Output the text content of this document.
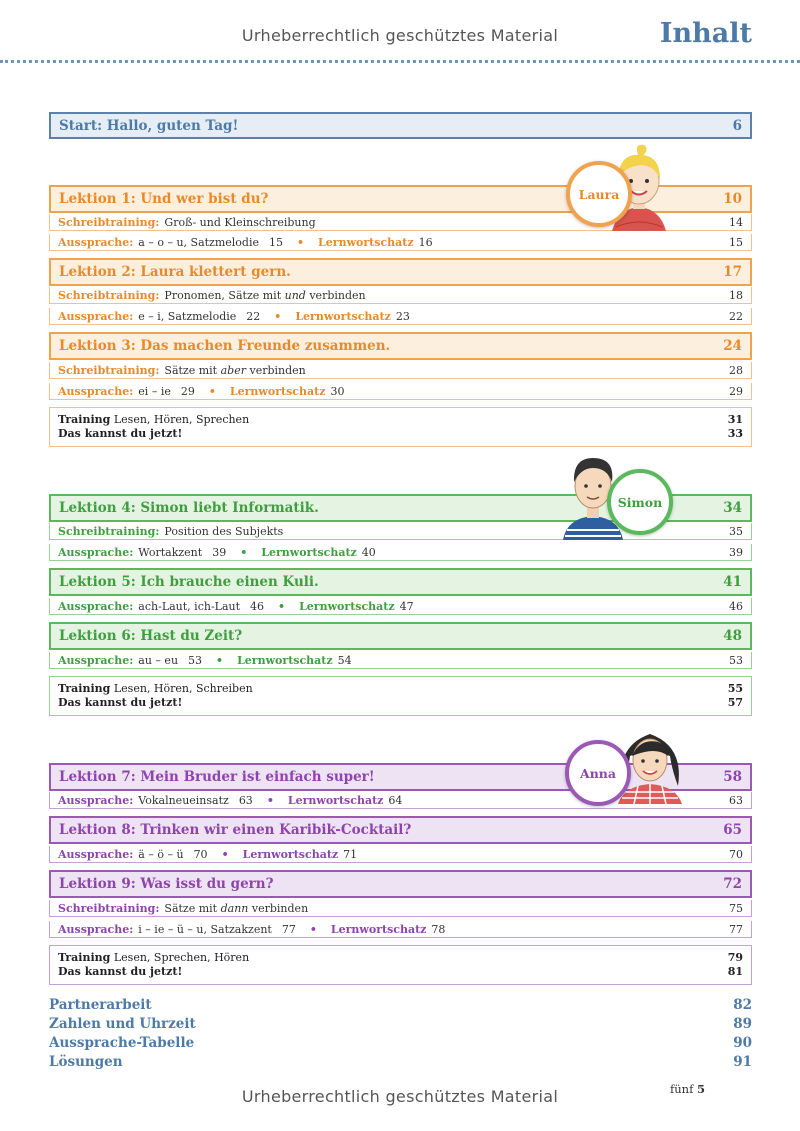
Urheberrechtlich geschütztes Material	Inhalt
Start: Hallo, guten Tag!	6
Lektion 1: Und wer bist du?	10
Schreibtraining: Groß- und Kleinschreibung	14
Aussprache: a – o – u, Satzmelodie 15 • Lernwortschatz 16	15
Lektion 2: Laura klettert gern.	17
Schreibtraining: Pronomen, Sätze mit und verbinden	18
Aussprache: e – i, Satzmelodie 22 • Lernwortschatz 23	22
Lektion 3: Das machen Freunde zusammen.	24
Schreibtraining: Sätze mit aber verbinden	28
Aussprache: ei – ie 29 • Lernwortschatz 30	29
Training Lesen, Hören, Sprechen	31
Das kannst du jetzt!	33
Laura
Lektion 4: Simon liebt Informatik.	34
Schreibtraining: Position des Subjekts	35
Aussprache: Wortakzent 39 • Lernwortschatz 40	39
Lektion 5: Ich brauche einen Kuli.	41
Aussprache: ach-Laut, ich-Laut 46 • Lernwortschatz 47	46
Lektion 6: Hast du Zeit?	48
Aussprache: au – eu 53 • Lernwortschatz 54	53
Training Lesen, Hören, Schreiben	55
Das kannst du jetzt!	57
Simon
Lektion 7: Mein Bruder ist einfach super!	58
Aussprache: Vokalneueinsatz 63 • Lernwortschatz 64	63
Lektion 8: Trinken wir einen Karibik-Cocktail?	65
Aussprache: ä – ö – ü 70 • Lernwortschatz 71	70
Lektion 9: Was isst du gern?	72
Schreibtraining: Sätze mit dann verbinden	75
Aussprache: i – ie – ü – u, Satzakzent 77 • Lernwortschatz 78	77
Training Lesen, Sprechen, Hören	79
Das kannst du jetzt!	81
Anna
Partnerarbeit	82
Zahlen und Uhrzeit	89
Aussprache-Tabelle	90
Lösungen	91
fünf 5
Urheberrechtlich geschütztes Material
